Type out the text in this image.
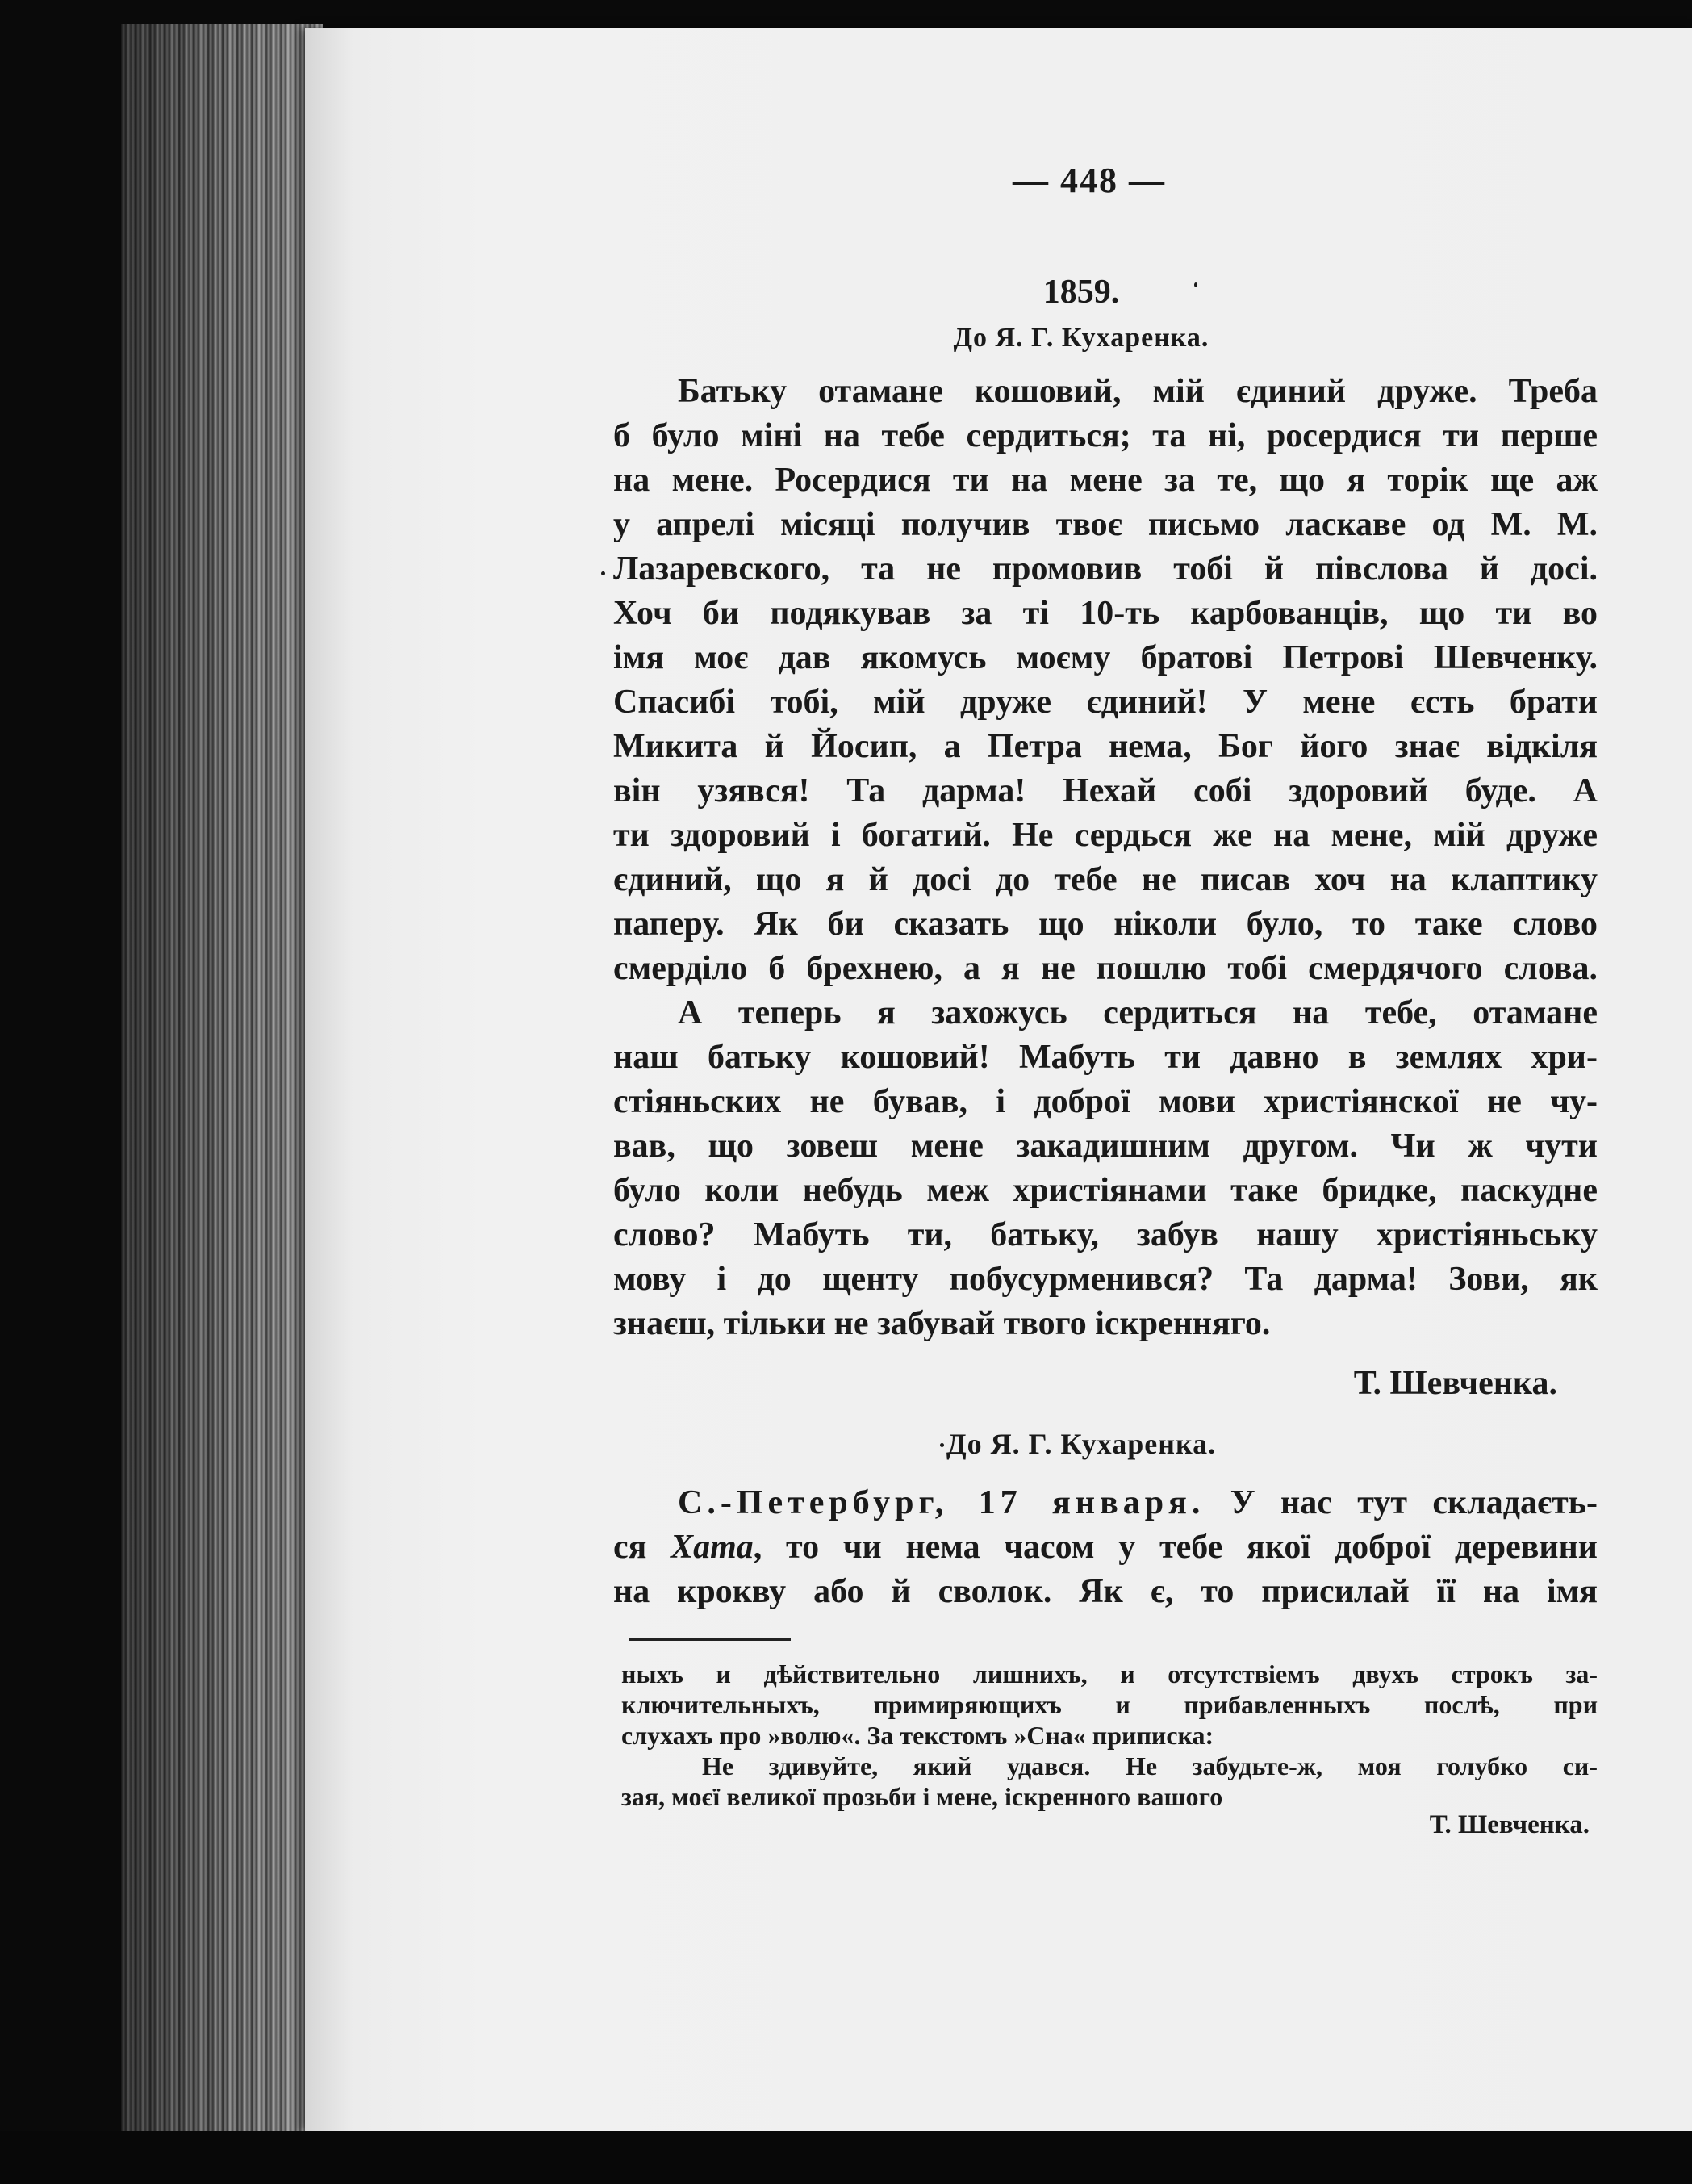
— 448 —
1859.
До Я. Г. Кухаренка.
Батьку отамане кошовий, мій єдиний друже. Треба
б було міні на тебе сердиться; та ні, росердися ти перше
на мене. Росердися ти на мене за те, що я торік ще аж
у апрелі місяці получив твоє письмо ласкаве од М. М.
Лазаревского, та не промовив тобі й півслова й досі.
Хоч би подякував за ті 10-ть карбованців, що ти во
імя моє дав якомусь моєму братові Петрові Шевченку.
Спасибі тобі, мій друже єдиний! У мене єсть брати
Микита й Йосип, а Петра нема, Бог його знає відкіля
він узявся! Та дарма! Нехай собі здоровий буде. А
ти здоровий і богатий. Не сердься же на мене, мій друже
єдиний, що я й досі до тебе не писав хоч на клаптику
паперу. Як би сказать що ніколи було, то таке слово
смерділо б брехнею, а я не пошлю тобі смердячого слова.
А теперь я захожусь сердиться на тебе, отамане
наш батьку кошовий! Мабуть ти давно в землях хри-
стіяньских не бував, і доброї мови христіянскої не чу-
вав, що зовеш мене закадишним другом. Чи ж чути
було коли небудь меж христіянами таке бридке, паскудне
слово? Мабуть ти, батьку, забув нашу христіяньську
мову і до щенту побусурменився? Та дарма! Зови, як
знаєш, тільки не забувай твого іскренняго.
Т. Шевченка.
До Я. Г. Кухаренка.
С.-Петербург, 17 января. У нас тут складаєть-
ся Хата, то чи нема часом у тебе якої доброї деревини
на крокву або й сволок. Як є, то присилай її на імя
ныхъ и дѣйствительно лишнихъ, и отсутствіемъ двухъ строкъ за-
ключительныхъ, примиряющихъ и прибавленныхъ послѣ, при
слухахъ про »волю«. За текстомъ »Сна« приписка:
Не здивуйте, який удався. Не забудьте-ж, моя голубко си-
зая, моєї великої прозьби і мене, іскренного вашого
Т. Шевченка.
